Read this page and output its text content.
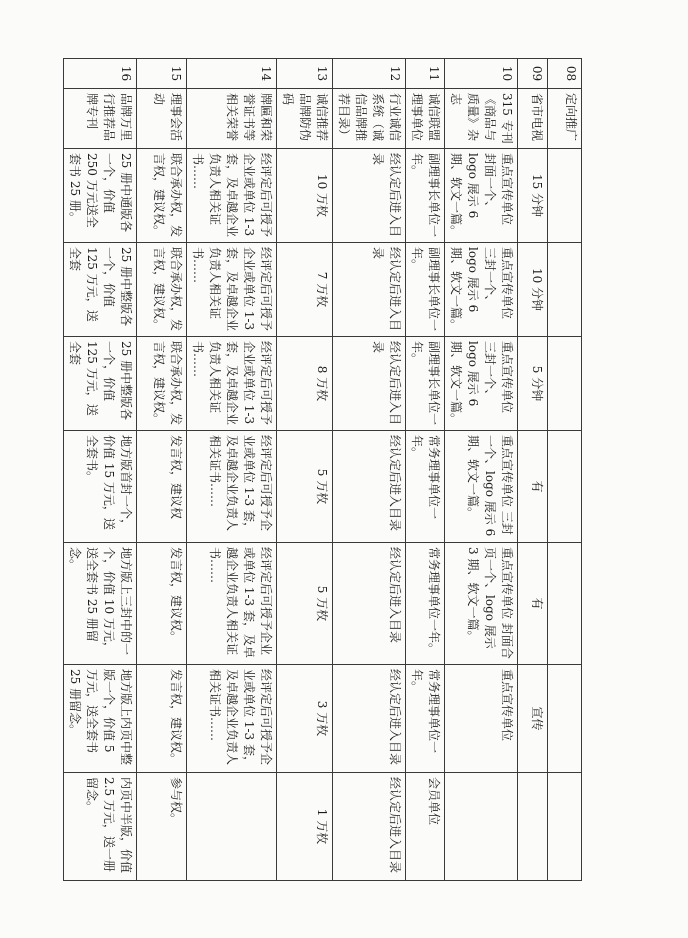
08	定向推广							
09	省市电视	15 分钟	10 分钟	5 分钟	有	有	宣传	
10	315 专刊《商品与质量》杂志	重点宣传单位 封面一个、logo 展示 6 期、软文一篇。	重点宣传单位 三封一个、logo 展示 6 期、软文一篇。	重点宣传单位 三封一个、logo 展示 6 期、软文一篇。	重点宣传单位 三封一个、logo 展示 6 期、软文一篇。	重点宣传单位 封面合页一个、logo 展示 3 期、软文一篇。	重点宣传单位	
11	诚信联盟理事单位	副理事长单位一年。	副理事长单位一年。	副理事长单位一年。	常务理事单位一年。	常务理事单位一年。	常务理事单位一年。	会员单位
12	行业诚信系统（诚信品牌推荐目录）	经认定后进入目录	经认定后进入目录	经认定后进入目录	经认定后进入目录	经认定后进入目录	经认定后进入目录	经认定后进入目录
13	诚信推荐品牌防伪码	10 万枚	7 万枚	8 万枚	5 万枚	5 万枚	3 万枚	1 万枚
14	牌匾和荣誉证书等相关荣誉	经评定后可授予企业或单位 1-3 套，及卓越企业负责人相关证书……	经评定后可授予企业或单位 1-3 套，及卓越企业负责人相关证书……	经评定后可授予企业或单位 1-3 套，及卓越企业负责人相关证书……	经评定后可授予企业或单位 1-3 套，及卓越企业负责人相关证书……	经评定后可授予企业或单位 1-3 套，及卓越企业负责人相关证书……	经评定后可授予企业或单位 1-3 套，及卓越企业负责人相关证书……	
15	理事会活动	联合承办权，发言权，建议权。	联合承办权，发言权，建议权。	联合承办权，发言权，建议权。	发言权，建议权	发言权，建议权。	发言权，建议权。	参与权。
16	品牌万里行推荐品牌专刊	25 册中通版各一个，价值 250 万元送全套书 25 册。	25 册中整版各一个，价值 125 万元，送全套	25 册中整版各一个，价值 125 万元，送全套	地方版首封一个，价值 15 万元，送全套书。	地方版上三封中的一个，价值 10 万元，送全套书 25 册留念。	地方版上内页中整版一个，价值 5 万元，送全套书 25 册留念。	内页中半版，价值 2.5 万元，送一册留念。
